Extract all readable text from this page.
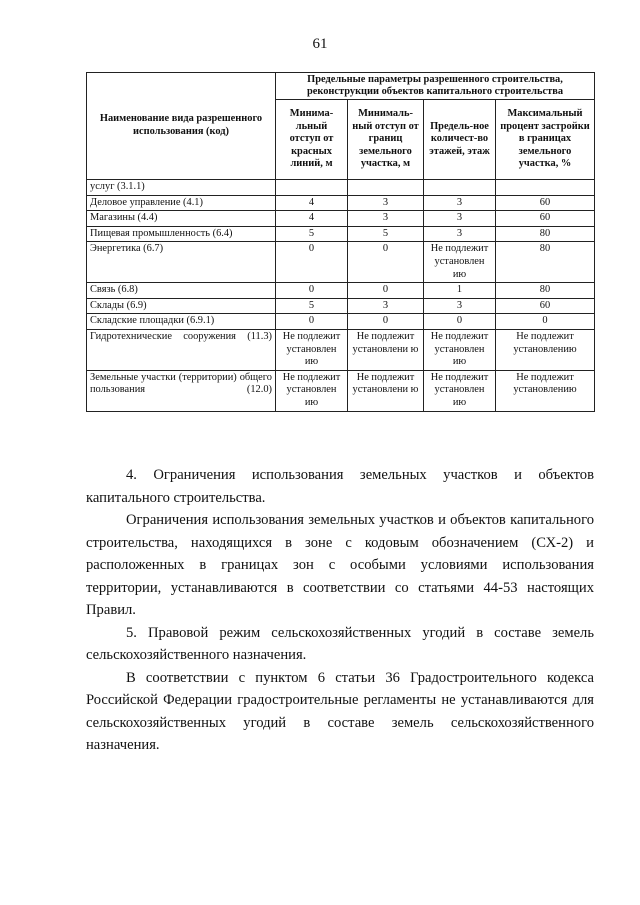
61
Наименование вида разрешенного использования (код)	Предельные параметры разрешенного строительства, реконструкции объектов капитального строительства			
	Минима-льный отступ от красных линий, м	Минималь-ный отступ от границ земельного участка, м	Предель-ное количест-во этажей, этаж	Максимальный процент застройки в границах земельного участка, %
услуг (3.1.1)				
Деловое управление (4.1)	4	3	3	60
Магазины (4.4)	4	3	3	60
Пищевая промышленность (6.4)	5	5	3	80
Энергетика (6.7)	0	0	Не подлежит установлен ию	80
Связь (6.8)	0	0	1	80
Склады (6.9)	5	3	3	60
Складские площадки (6.9.1)	0	0	0	0
Гидротехнические сооружения (11.3)	Не подлежит установлен ию	Не подлежит установлени ю	Не подлежит установлен ию	Не подлежит установлению
Земельные участки (территории) общего пользования (12.0)	Не подлежит установлен ию	Не подлежит установлени ю	Не подлежит установлен ию	Не подлежит установлению

4. Ограничения использования земельных участков и объектов капитального строительства.

Ограничения использования земельных участков и объектов капитального строительства, находящихся в зоне с кодовым обозначением (СХ-2) и расположенных в границах зон с особыми условиями использования территории, устанавливаются в соответствии со статьями 44-53 настоящих Правил.

5. Правовой режим сельскохозяйственных угодий в составе земель сельскохозяйственного назначения.

В соответствии с пунктом 6 статьи 36 Градостроительного кодекса Российской Федерации градостроительные регламенты не устанавливаются для сельскохозяйственных угодий в составе земель сельскохозяйственного назначения.
